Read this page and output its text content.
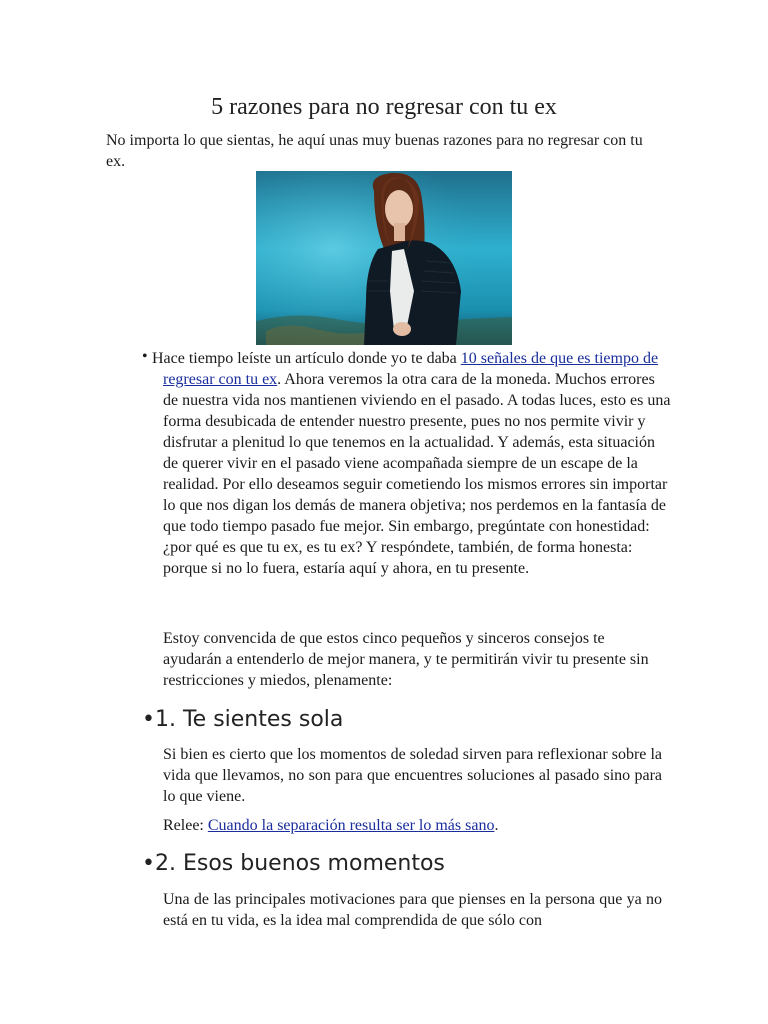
5 razones para no regresar con tu ex
No importa lo que sientas, he aquí unas muy buenas razones para no regresar con tu ex.
• Hace tiempo leíste un artículo donde yo te daba 10 señales de que es tiempo de regresar con tu ex. Ahora veremos la otra cara de la moneda. Muchos errores de nuestra vida nos mantienen viviendo en el pasado. A todas luces, esto es una forma desubicada de entender nuestro presente, pues no nos permite vivir y disfrutar a plenitud lo que tenemos en la actualidad. Y además, esta situación de querer vivir en el pasado viene acompañada siempre de un escape de la realidad. Por ello deseamos seguir cometiendo los mismos errores sin importar lo que nos digan los demás de manera objetiva; nos perdemos en la fantasía de que todo tiempo pasado fue mejor. Sin embargo, pregúntate con honestidad: ¿por qué es que tu ex, es tu ex? Y respóndete, también, de forma honesta: porque si no lo fuera, estaría aquí y ahora, en tu presente.
Estoy convencida de que estos cinco pequeños y sinceros consejos te ayudarán a entenderlo de mejor manera, y te permitirán vivir tu presente sin restricciones y miedos, plenamente:
•1. Te sientes sola
Si bien es cierto que los momentos de soledad sirven para reflexionar sobre la vida que llevamos, no son para que encuentres soluciones al pasado sino para lo que viene.
Relee: Cuando la separación resulta ser lo más sano.
•2. Esos buenos momentos
Una de las principales motivaciones para que pienses en la persona que ya no está en tu vida, es la idea mal comprendida de que sólo con
